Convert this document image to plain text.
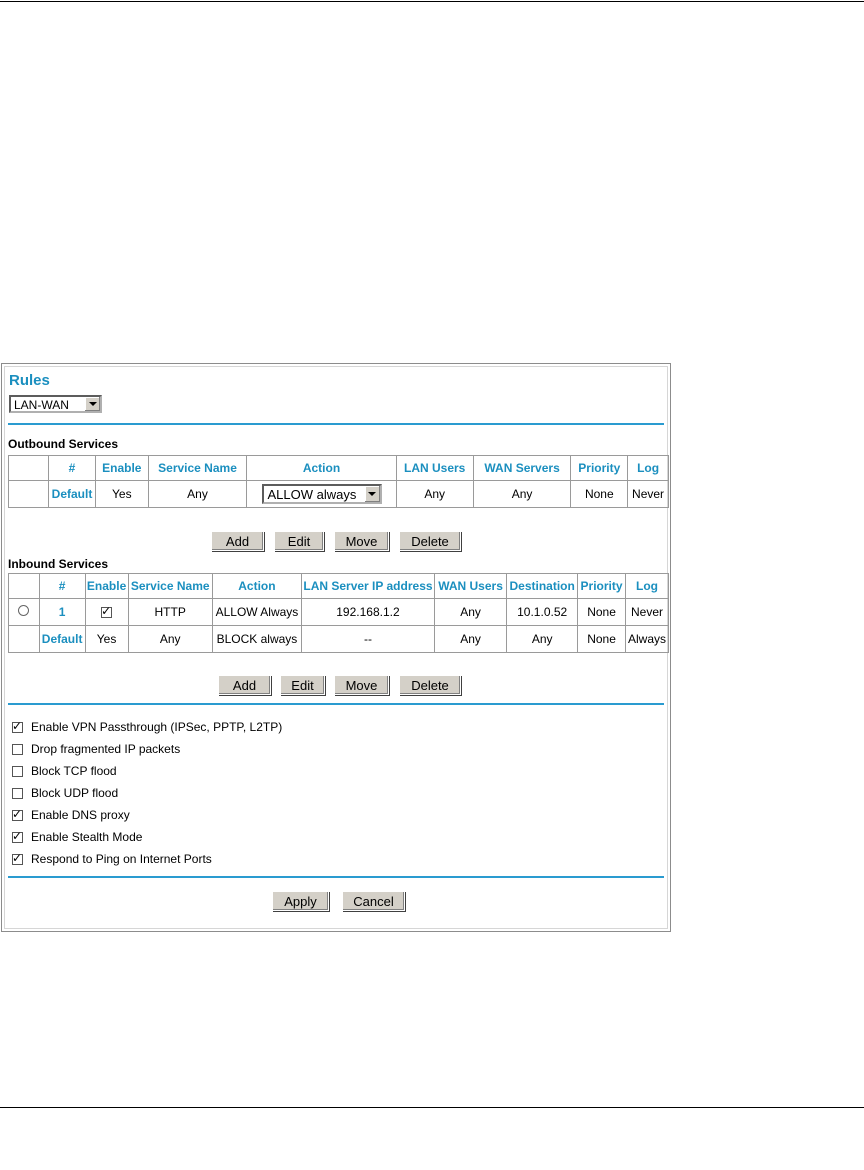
Rules
LAN-WAN
Outbound Services
	#	Enable	Service Name	Action	LAN Users	WAN Servers	Priority	Log
	Default	Yes	Any	ALLOW always	Any	Any	None	Never
Add	Edit	Move	Delete
Inbound Services
	#	Enable	Service Name	Action	LAN Server IP address	WAN Users	Destination	Priority	Log
	1	✓	HTTP	ALLOW Always	192.168.1.2	Any	10.1.0.52	None	Never
	Default	Yes	Any	BLOCK always	--	Any	Any	None	Always
Add	Edit	Move	Delete
✓ Enable VPN Passthrough (IPSec, PPTP, L2TP)
Drop fragmented IP packets
Block TCP flood
Block UDP flood
✓ Enable DNS proxy
✓ Enable Stealth Mode
✓ Respond to Ping on Internet Ports
Apply	Cancel
